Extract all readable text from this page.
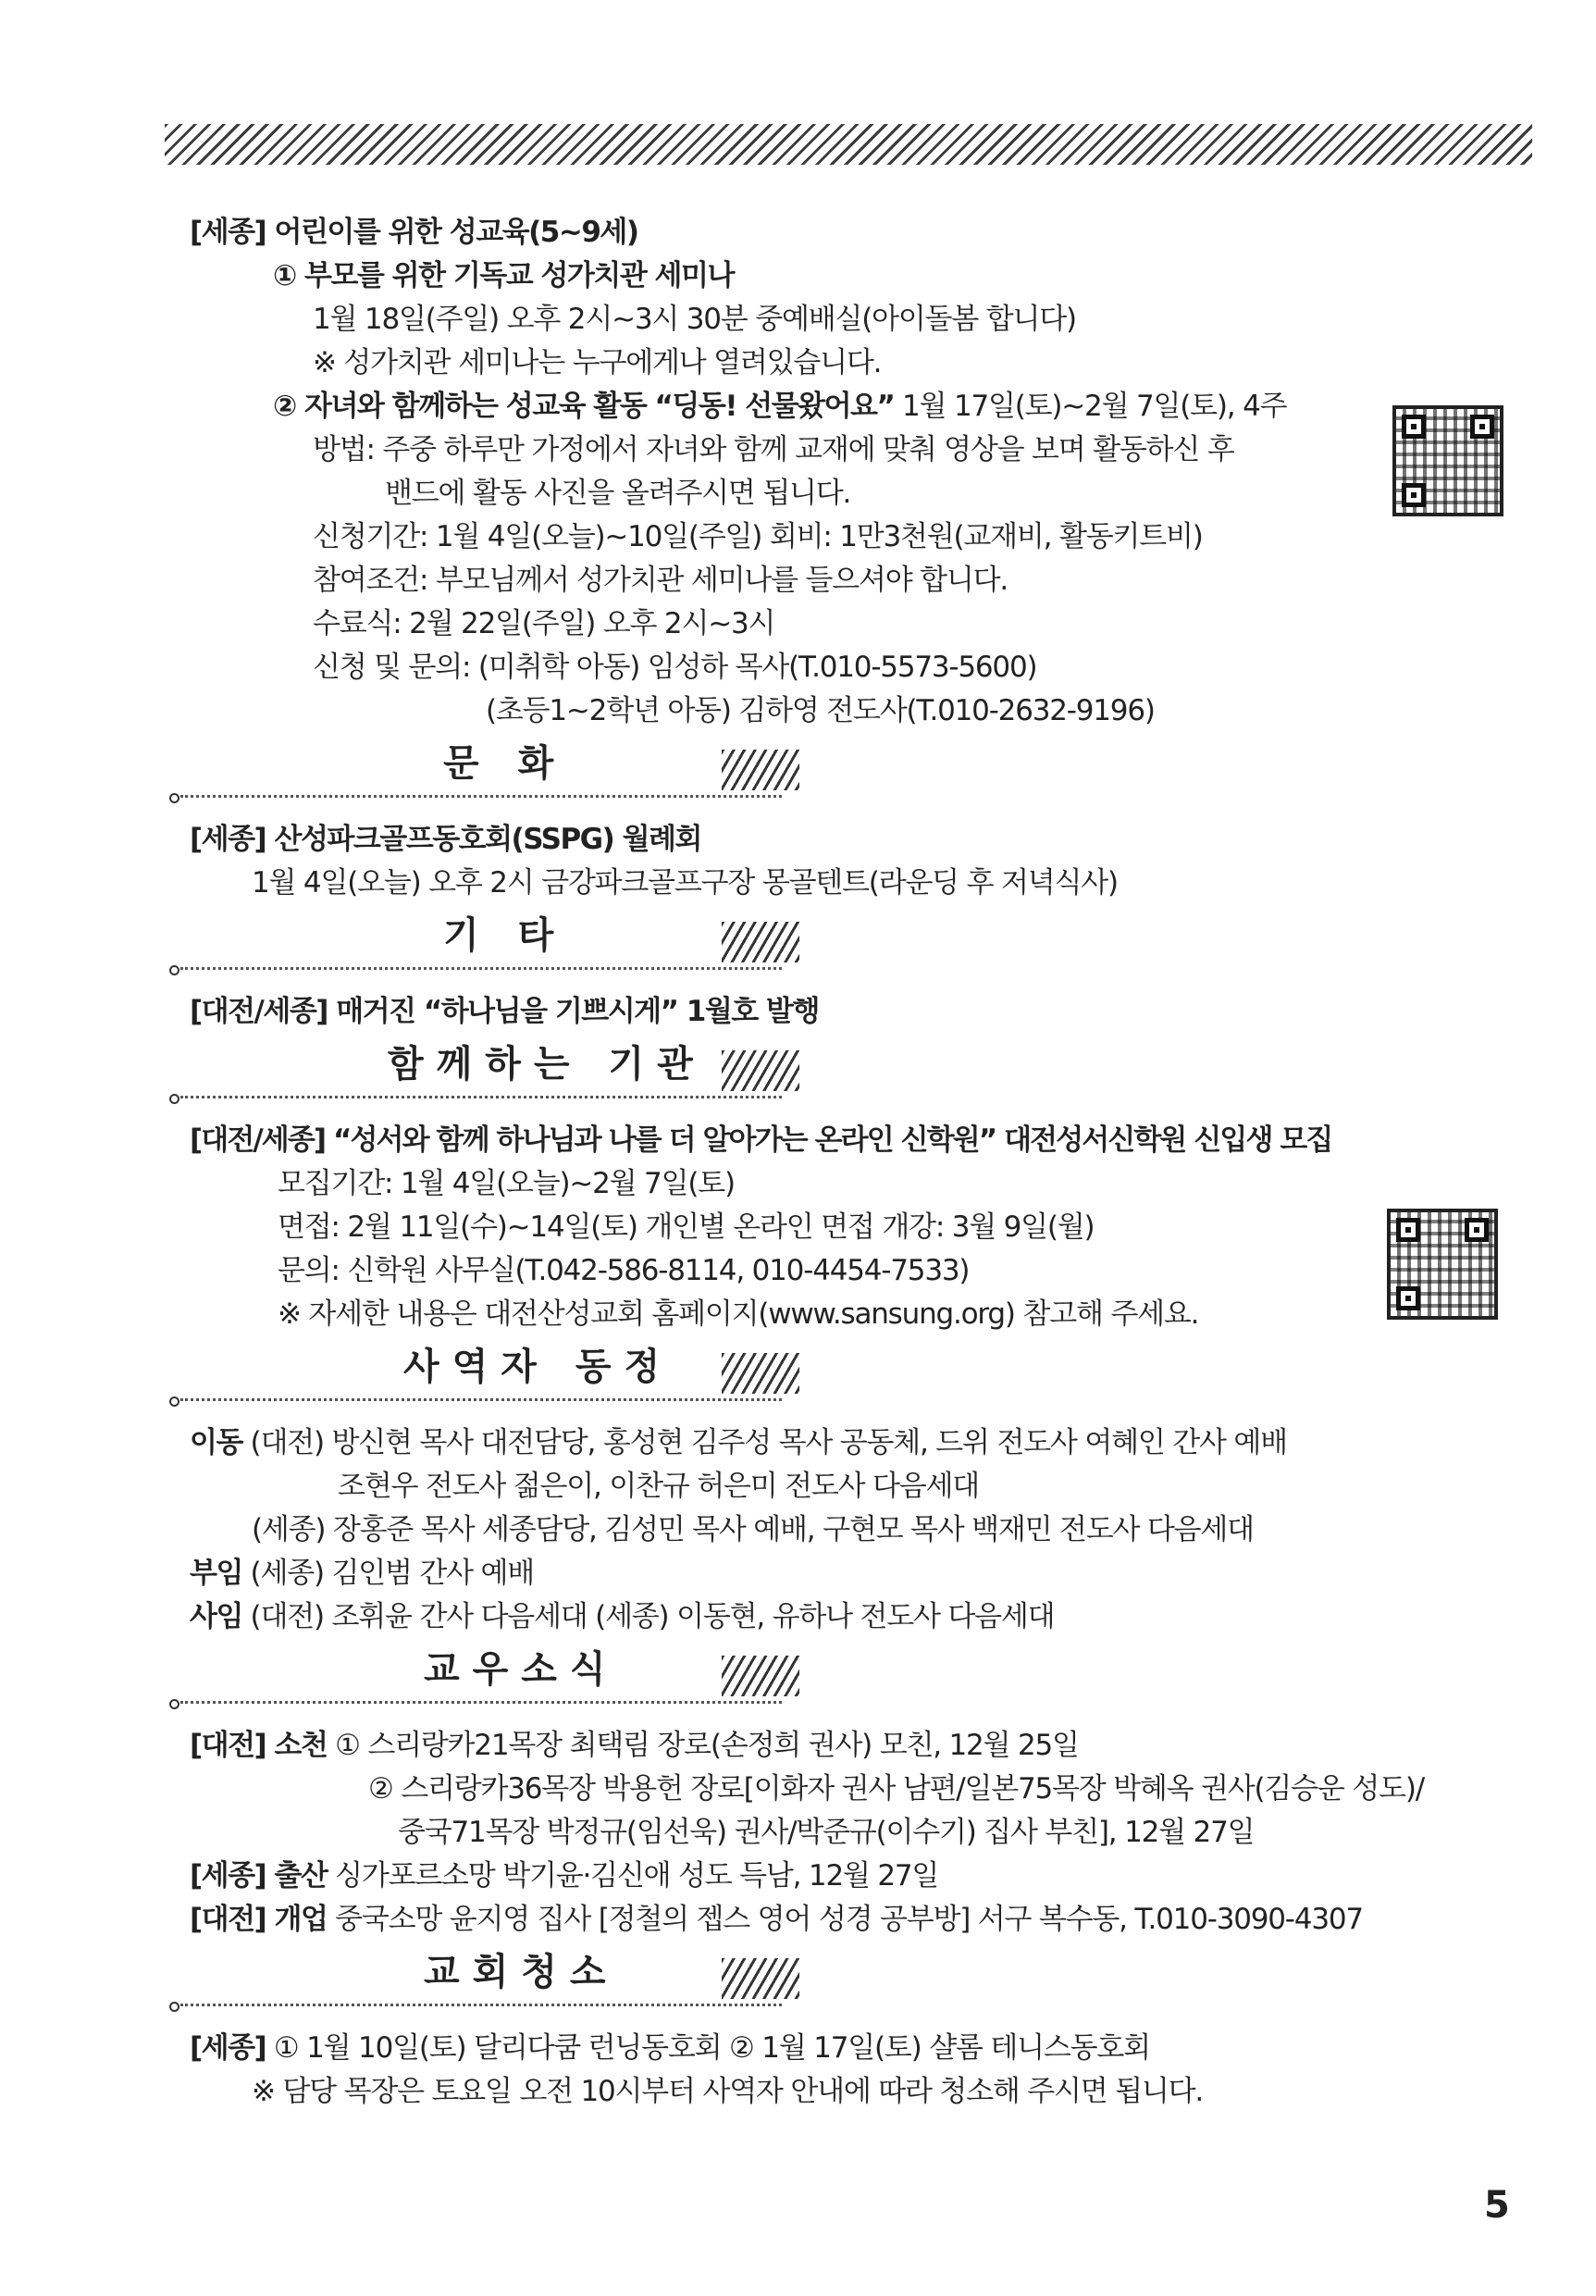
[세종] 어린이를 위한 성교육(5~9세)
① 부모를 위한 기독교 성가치관 세미나
1월 18일(주일) 오후 2시~3시 30분 중예배실(아이돌봄 합니다)
※ 성가치관 세미나는 누구에게나 열려있습니다.
② 자녀와 함께하는 성교육 활동 “딩동! 선물왔어요” 1월 17일(토)~2월 7일(토), 4주
방법: 주중 하루만 가정에서 자녀와 함께 교재에 맞춰 영상을 보며 활동하신 후
밴드에 활동 사진을 올려주시면 됩니다.
신청기간: 1월 4일(오늘)~10일(주일) 회비: 1만3천원(교재비, 활동키트비)
참여조건: 부모님께서 성가치관 세미나를 들으셔야 합니다.
수료식: 2월 22일(주일) 오후 2시~3시
신청 및 문의: (미취학 아동) 임성하 목사(T.010-5573-5600)
(초등1~2학년 아동) 김하영 전도사(T.010-2632-9196)
문 화
[세종] 산성파크골프동호회(SSPG) 월례회
1월 4일(오늘) 오후 2시 금강파크골프구장 몽골텐트(라운딩 후 저녁식사)
기 타
[대전/세종] 매거진 “하나님을 기쁘시게” 1월호 발행
함께하는 기관
[대전/세종] “성서와 함께 하나님과 나를 더 알아가는 온라인 신학원” 대전성서신학원 신입생 모집
모집기간: 1월 4일(오늘)~2월 7일(토)
면접: 2월 11일(수)~14일(토) 개인별 온라인 면접 개강: 3월 9일(월)
문의: 신학원 사무실(T.042-586-8114, 010-4454-7533)
※ 자세한 내용은 대전산성교회 홈페이지(www.sansung.org) 참고해 주세요.
사역자 동정
이동 (대전) 방신현 목사 대전담당, 홍성현 김주성 목사 공동체, 드위 전도사 여혜인 간사 예배
조현우 전도사 젊은이, 이찬규 허은미 전도사 다음세대
(세종) 장홍준 목사 세종담당, 김성민 목사 예배, 구현모 목사 백재민 전도사 다음세대
부임 (세종) 김인범 간사 예배
사임 (대전) 조휘윤 간사 다음세대 (세종) 이동현, 유하나 전도사 다음세대
교우소식
[대전] 소천 ① 스리랑카21목장 최택림 장로(손정희 권사) 모친, 12월 25일
② 스리랑카36목장 박용헌 장로[이화자 권사 남편/일본75목장 박혜옥 권사(김승운 성도)/
중국71목장 박정규(임선욱) 권사/박준규(이수기) 집사 부친], 12월 27일
[세종] 출산 싱가포르소망 박기윤·김신애 성도 득남, 12월 27일
[대전] 개업 중국소망 윤지영 집사 [정철의 젭스 영어 성경 공부방] 서구 복수동, T.010-3090-4307
교회청소
[세종] ① 1월 10일(토) 달리다쿰 런닝동호회 ② 1월 17일(토) 샬롬 테니스동호회
※ 담당 목장은 토요일 오전 10시부터 사역자 안내에 따라 청소해 주시면 됩니다.
5
